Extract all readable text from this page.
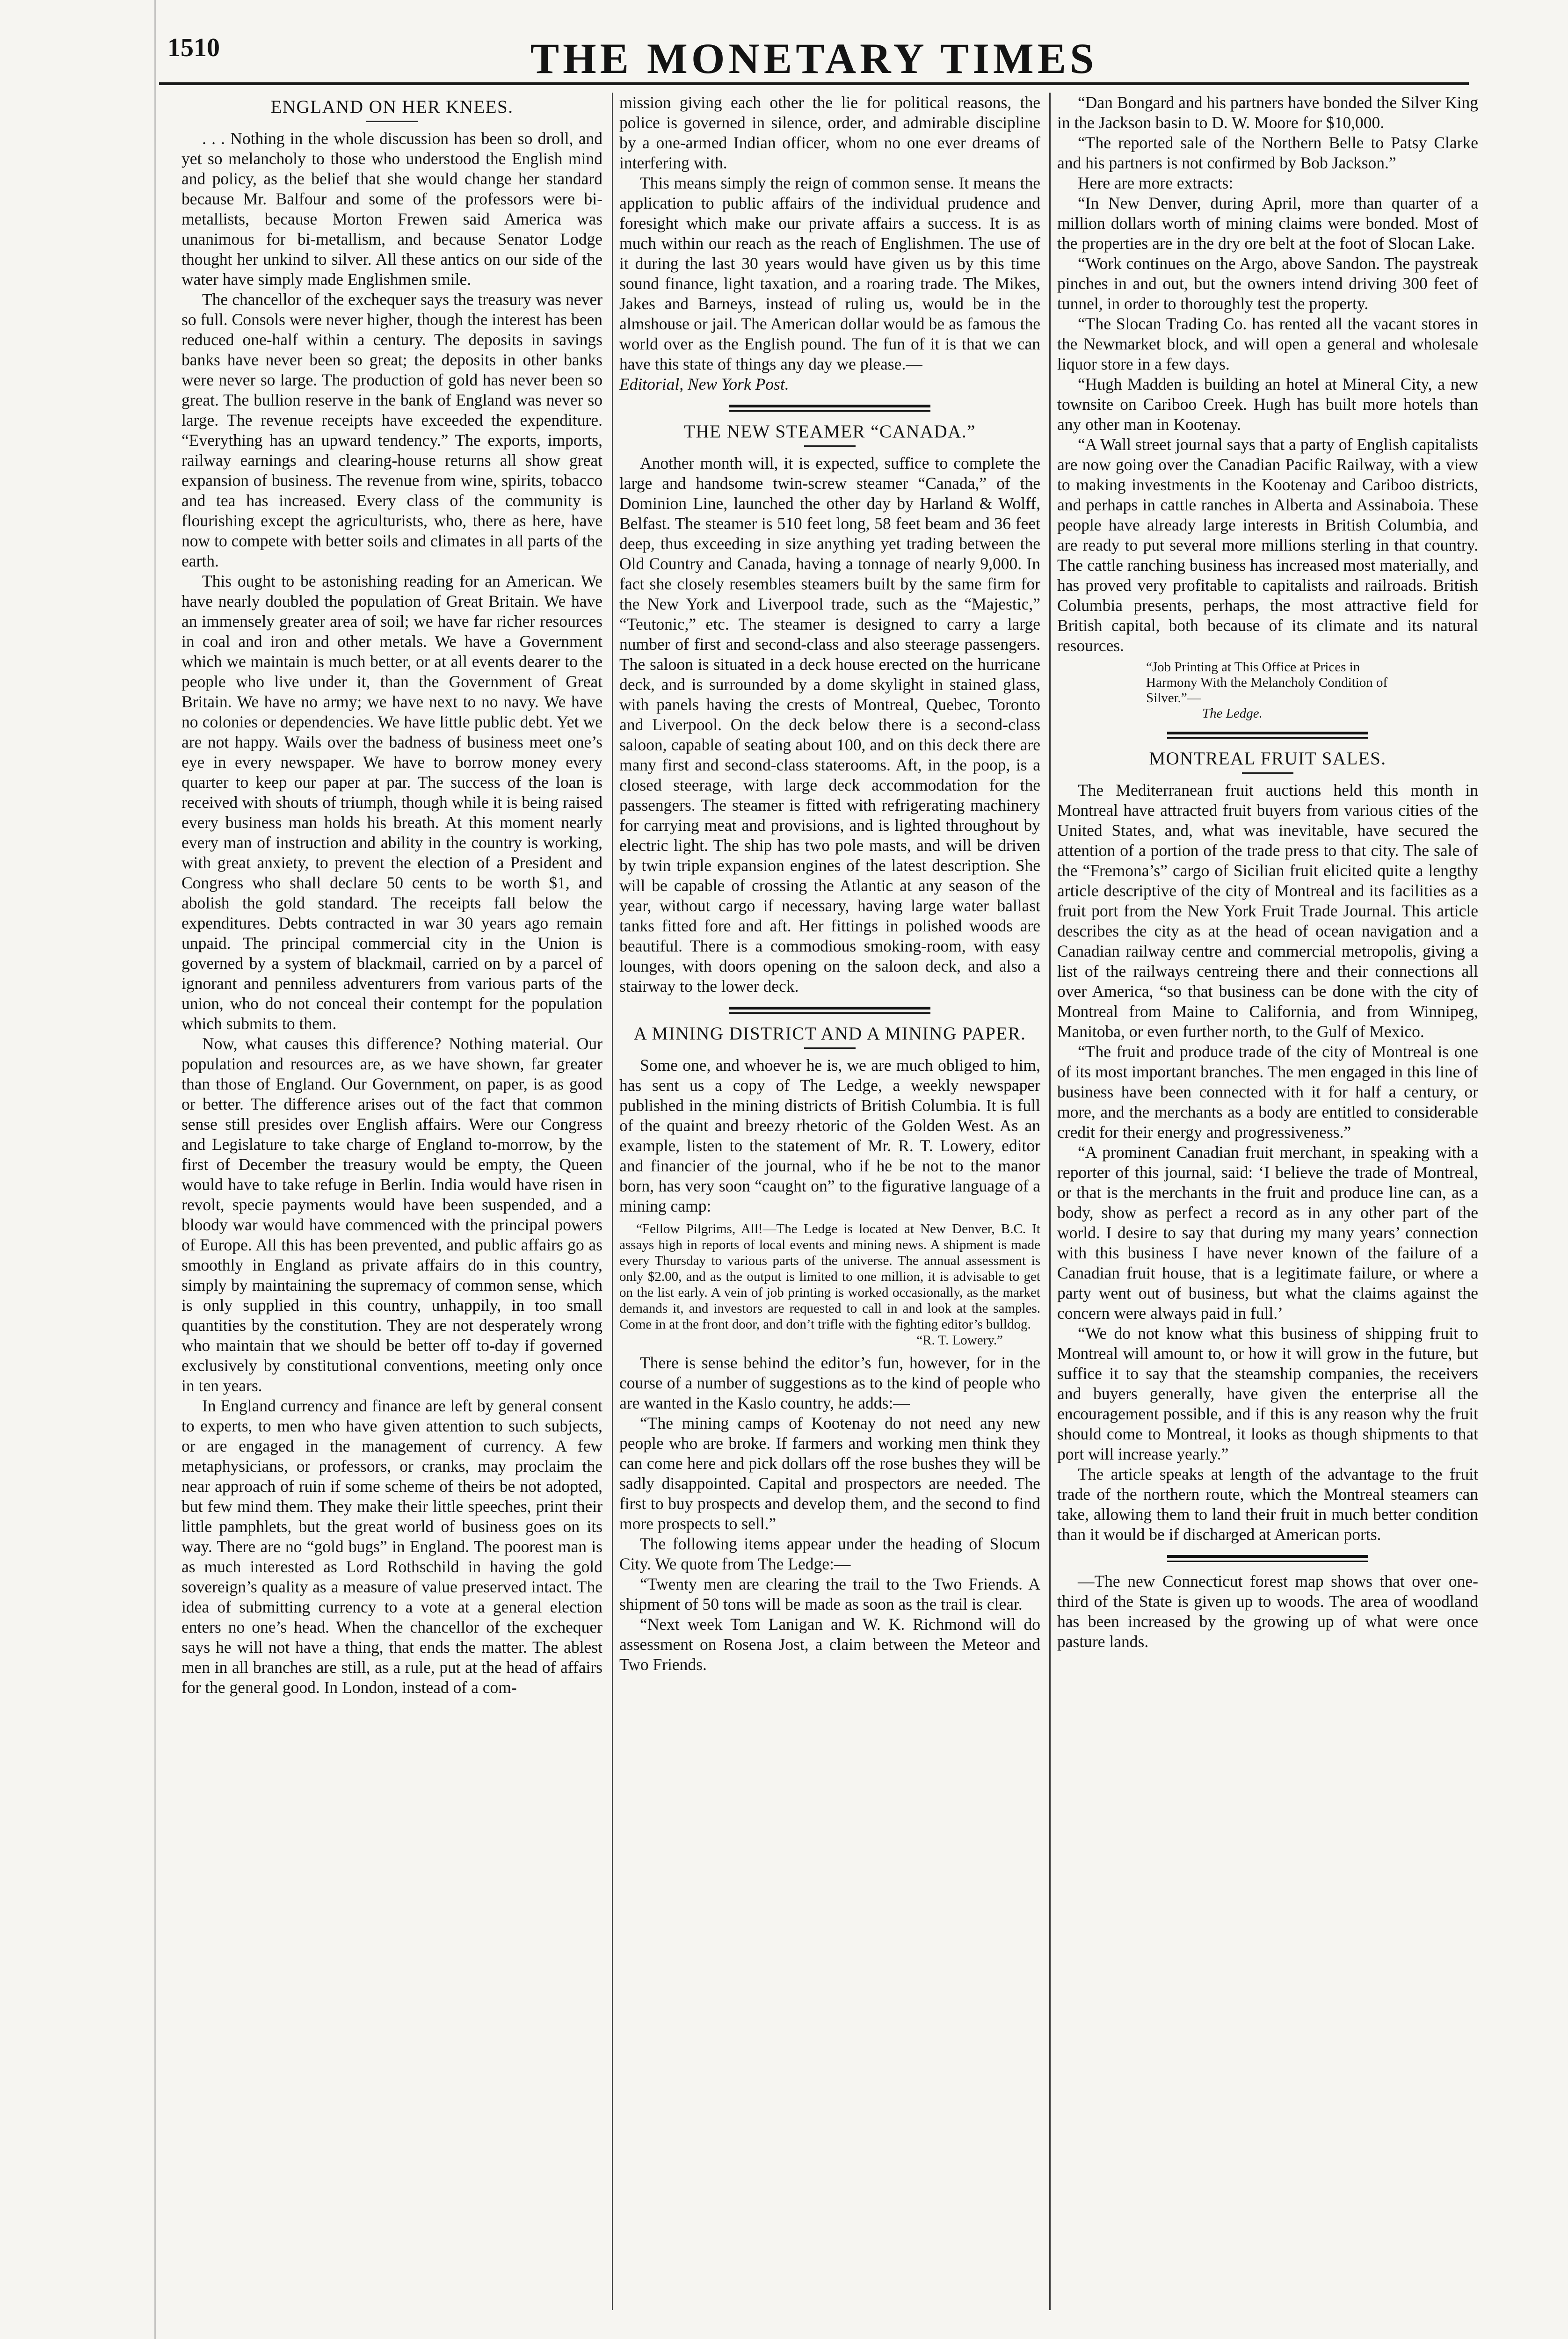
1510	THE MONETARY TIMES
ENGLAND ON HER KNEES.

. . . Nothing in the whole discussion has been so droll, and yet so melancholy to those who understood the English mind and policy, as the belief that she would change her standard because Mr. Balfour and some of the professors were bi-metallists, because Morton Frewen said America was unanimous for bi-metallism, and because Senator Lodge thought her unkind to silver. All these antics on our side of the water have simply made Englishmen smile.

The chancellor of the exchequer says the treasury was never so full. Consols were never higher, though the interest has been reduced one-half within a century. The deposits in savings banks have never been so great; the deposits in other banks were never so large. The production of gold has never been so great. The bullion reserve in the bank of England was never so large. The revenue receipts have exceeded the expenditure. “Everything has an upward tendency.” The exports, imports, railway earnings and clearing-house returns all show great expansion of business. The revenue from wine, spirits, tobacco and tea has increased. Every class of the community is flourishing except the agriculturists, who, there as here, have now to compete with better soils and climates in all parts of the earth.

This ought to be astonishing reading for an American. We have nearly doubled the population of Great Britain. We have an immensely greater area of soil; we have far richer resources in coal and iron and other metals. We have a Government which we maintain is much better, or at all events dearer to the people who live under it, than the Government of Great Britain. We have no army; we have next to no navy. We have no colonies or dependencies. We have little public debt. Yet we are not happy. Wails over the badness of business meet one’s eye in every newspaper. We have to borrow money every quarter to keep our paper at par. The success of the loan is received with shouts of triumph, though while it is being raised every business man holds his breath. At this moment nearly every man of instruction and ability in the country is working, with great anxiety, to prevent the election of a President and Congress who shall declare 50 cents to be worth $1, and abolish the gold standard. The receipts fall below the expenditures. Debts contracted in war 30 years ago remain unpaid. The principal commercial city in the Union is governed by a system of blackmail, carried on by a parcel of ignorant and penniless adventurers from various parts of the union, who do not conceal their contempt for the population which submits to them.

Now, what causes this difference? Nothing material. Our population and resources are, as we have shown, far greater than those of England. Our Government, on paper, is as good or better. The difference arises out of the fact that common sense still presides over English affairs. Were our Congress and Legislature to take charge of England to-morrow, by the first of December the treasury would be empty, the Queen would have to take refuge in Berlin. India would have risen in revolt, specie payments would have been suspended, and a bloody war would have commenced with the principal powers of Europe. All this has been prevented, and public affairs go as smoothly in England as private affairs do in this country, simply by maintaining the supremacy of common sense, which is only supplied in this country, unhappily, in too small quantities by the constitution. They are not desperately wrong who maintain that we should be better off to-day if governed exclusively by constitutional conventions, meeting only once in ten years.

In England currency and finance are left by general consent to experts, to men who have given attention to such subjects, or are engaged in the management of currency. A few metaphysicians, or professors, or cranks, may proclaim the near approach of ruin if some scheme of theirs be not adopted, but few mind them. They make their little speeches, print their little pamphlets, but the great world of business goes on its way. There are no “gold bugs” in England. The poorest man is as much interested as Lord Rothschild in having the gold sovereign’s quality as a measure of value preserved intact. The idea of submitting currency to a vote at a general election enters no one’s head. When the chancellor of the exchequer says he will not have a thing, that ends the matter. The ablest men in all branches are still, as a rule, put at the head of affairs for the general good. In London, instead of a com-

mission giving each other the lie for political reasons, the police is governed in silence, order, and admirable discipline by a one-armed Indian officer, whom no one ever dreams of interfering with.

This means simply the reign of common sense. It means the application to public affairs of the individual prudence and foresight which make our private affairs a success. It is as much within our reach as the reach of Englishmen. The use of it during the last 30 years would have given us by this time sound finance, light taxation, and a roaring trade. The Mikes, Jakes and Barneys, instead of ruling us, would be in the almshouse or jail. The American dollar would be as famous the world over as the English pound. The fun of it is that we can have this state of things any day we please.—

Editorial, New York Post.

THE NEW STEAMER “CANADA.”

Another month will, it is expected, suffice to complete the large and handsome twin-screw steamer “Canada,” of the Dominion Line, launched the other day by Harland & Wolff, Belfast. The steamer is 510 feet long, 58 feet beam and 36 feet deep, thus exceeding in size anything yet trading between the Old Country and Canada, having a tonnage of nearly 9,000. In fact she closely resembles steamers built by the same firm for the New York and Liverpool trade, such as the “Majestic,” “Teutonic,” etc. The steamer is designed to carry a large number of first and second-class and also steerage passengers. The saloon is situated in a deck house erected on the hurricane deck, and is surrounded by a dome skylight in stained glass, with panels having the crests of Montreal, Quebec, Toronto and Liverpool. On the deck below there is a second-class saloon, capable of seating about 100, and on this deck there are many first and second-class staterooms. Aft, in the poop, is a closed steerage, with large deck accommodation for the passengers. The steamer is fitted with refrigerating machinery for carrying meat and provisions, and is lighted throughout by electric light. The ship has two pole masts, and will be driven by twin triple expansion engines of the latest description. She will be capable of crossing the Atlantic at any season of the year, without cargo if necessary, having large water ballast tanks fitted fore and aft. Her fittings in polished woods are beautiful. There is a commodious smoking-room, with easy lounges, with doors opening on the saloon deck, and also a stairway to the lower deck.

A MINING DISTRICT AND A MINING PAPER.

Some one, and whoever he is, we are much obliged to him, has sent us a copy of The Ledge, a weekly newspaper published in the mining districts of British Columbia. It is full of the quaint and breezy rhetoric of the Golden West. As an example, listen to the statement of Mr. R. T. Lowery, editor and financier of the journal, who if he be not to the manor born, has very soon “caught on” to the figurative language of a mining camp:

“Fellow Pilgrims, All!—The Ledge is located at New Denver, B.C. It assays high in reports of local events and mining news. A shipment is made every Thursday to various parts of the universe. The annual assessment is only $2.00, and as the output is limited to one million, it is advisable to get on the list early. A vein of job printing is worked occasionally, as the market demands it, and investors are requested to call in and look at the samples. Come in at the front door, and don’t trifle with the fighting editor’s bulldog.

“R. T. Lowery.”

There is sense behind the editor’s fun, however, for in the course of a number of suggestions as to the kind of people who are wanted in the Kaslo country, he adds:—

“The mining camps of Kootenay do not need any new people who are broke. If farmers and working men think they can come here and pick dollars off the rose bushes they will be sadly disappointed. Capital and prospectors are needed. The first to buy prospects and develop them, and the second to find more prospects to sell.”

The following items appear under the heading of Slocum City. We quote from The Ledge:—

“Twenty men are clearing the trail to the Two Friends. A shipment of 50 tons will be made as soon as the trail is clear.

“Next week Tom Lanigan and W. K. Richmond will do assessment on Rosena Jost, a claim between the Meteor and Two Friends.

“Dan Bongard and his partners have bonded the Silver King in the Jackson basin to D. W. Moore for $10,000.

“The reported sale of the Northern Belle to Patsy Clarke and his partners is not confirmed by Bob Jackson.”

Here are more extracts:

“In New Denver, during April, more than quarter of a million dollars worth of mining claims were bonded. Most of the properties are in the dry ore belt at the foot of Slocan Lake.

“Work continues on the Argo, above Sandon. The paystreak pinches in and out, but the owners intend driving 300 feet of tunnel, in order to thoroughly test the property.

“The Slocan Trading Co. has rented all the vacant stores in the Newmarket block, and will open a general and wholesale liquor store in a few days.

“Hugh Madden is building an hotel at Mineral City, a new townsite on Cariboo Creek. Hugh has built more hotels than any other man in Kootenay.

“A Wall street journal says that a party of English capitalists are now going over the Canadian Pacific Railway, with a view to making investments in the Kootenay and Cariboo districts, and perhaps in cattle ranches in Alberta and Assinaboia. These people have already large interests in British Columbia, and are ready to put several more millions sterling in that country. The cattle ranching business has increased most materially, and has proved very profitable to capitalists and railroads. British Columbia presents, perhaps, the most attractive field for British capital, both because of its climate and its natural resources.

“Job Printing at This Office at Prices in Harmony With the Melancholy Condition of Silver.”—
The Ledge.
MONTREAL FRUIT SALES.

The Mediterranean fruit auctions held this month in Montreal have attracted fruit buyers from various cities of the United States, and, what was inevitable, have secured the attention of a portion of the trade press to that city. The sale of the “Fremona’s” cargo of Sicilian fruit elicited quite a lengthy article descriptive of the city of Montreal and its facilities as a fruit port from the New York Fruit Trade Journal. This article describes the city as at the head of ocean navigation and a Canadian railway centre and commercial metropolis, giving a list of the railways centreing there and their connections all over America, “so that business can be done with the city of Montreal from Maine to California, and from Winnipeg, Manitoba, or even further north, to the Gulf of Mexico.

“The fruit and produce trade of the city of Montreal is one of its most important branches. The men engaged in this line of business have been connected with it for half a century, or more, and the merchants as a body are entitled to considerable credit for their energy and progressiveness.”

“A prominent Canadian fruit merchant, in speaking with a reporter of this journal, said: ‘I believe the trade of Montreal, or that is the merchants in the fruit and produce line can, as a body, show as perfect a record as in any other part of the world. I desire to say that during my many years’ connection with this business I have never known of the failure of a Canadian fruit house, that is a legitimate failure, or where a party went out of business, but what the claims against the concern were always paid in full.’

“We do not know what this business of shipping fruit to Montreal will amount to, or how it will grow in the future, but suffice it to say that the steamship companies, the receivers and buyers generally, have given the enterprise all the encouragement possible, and if this is any reason why the fruit should come to Montreal, it looks as though shipments to that port will increase yearly.”

The article speaks at length of the advantage to the fruit trade of the northern route, which the Montreal steamers can take, allowing them to land their fruit in much better condition than it would be if discharged at American ports.

—The new Connecticut forest map shows that over one-third of the State is given up to woods. The area of woodland has been increased by the growing up of what were once pasture lands.
